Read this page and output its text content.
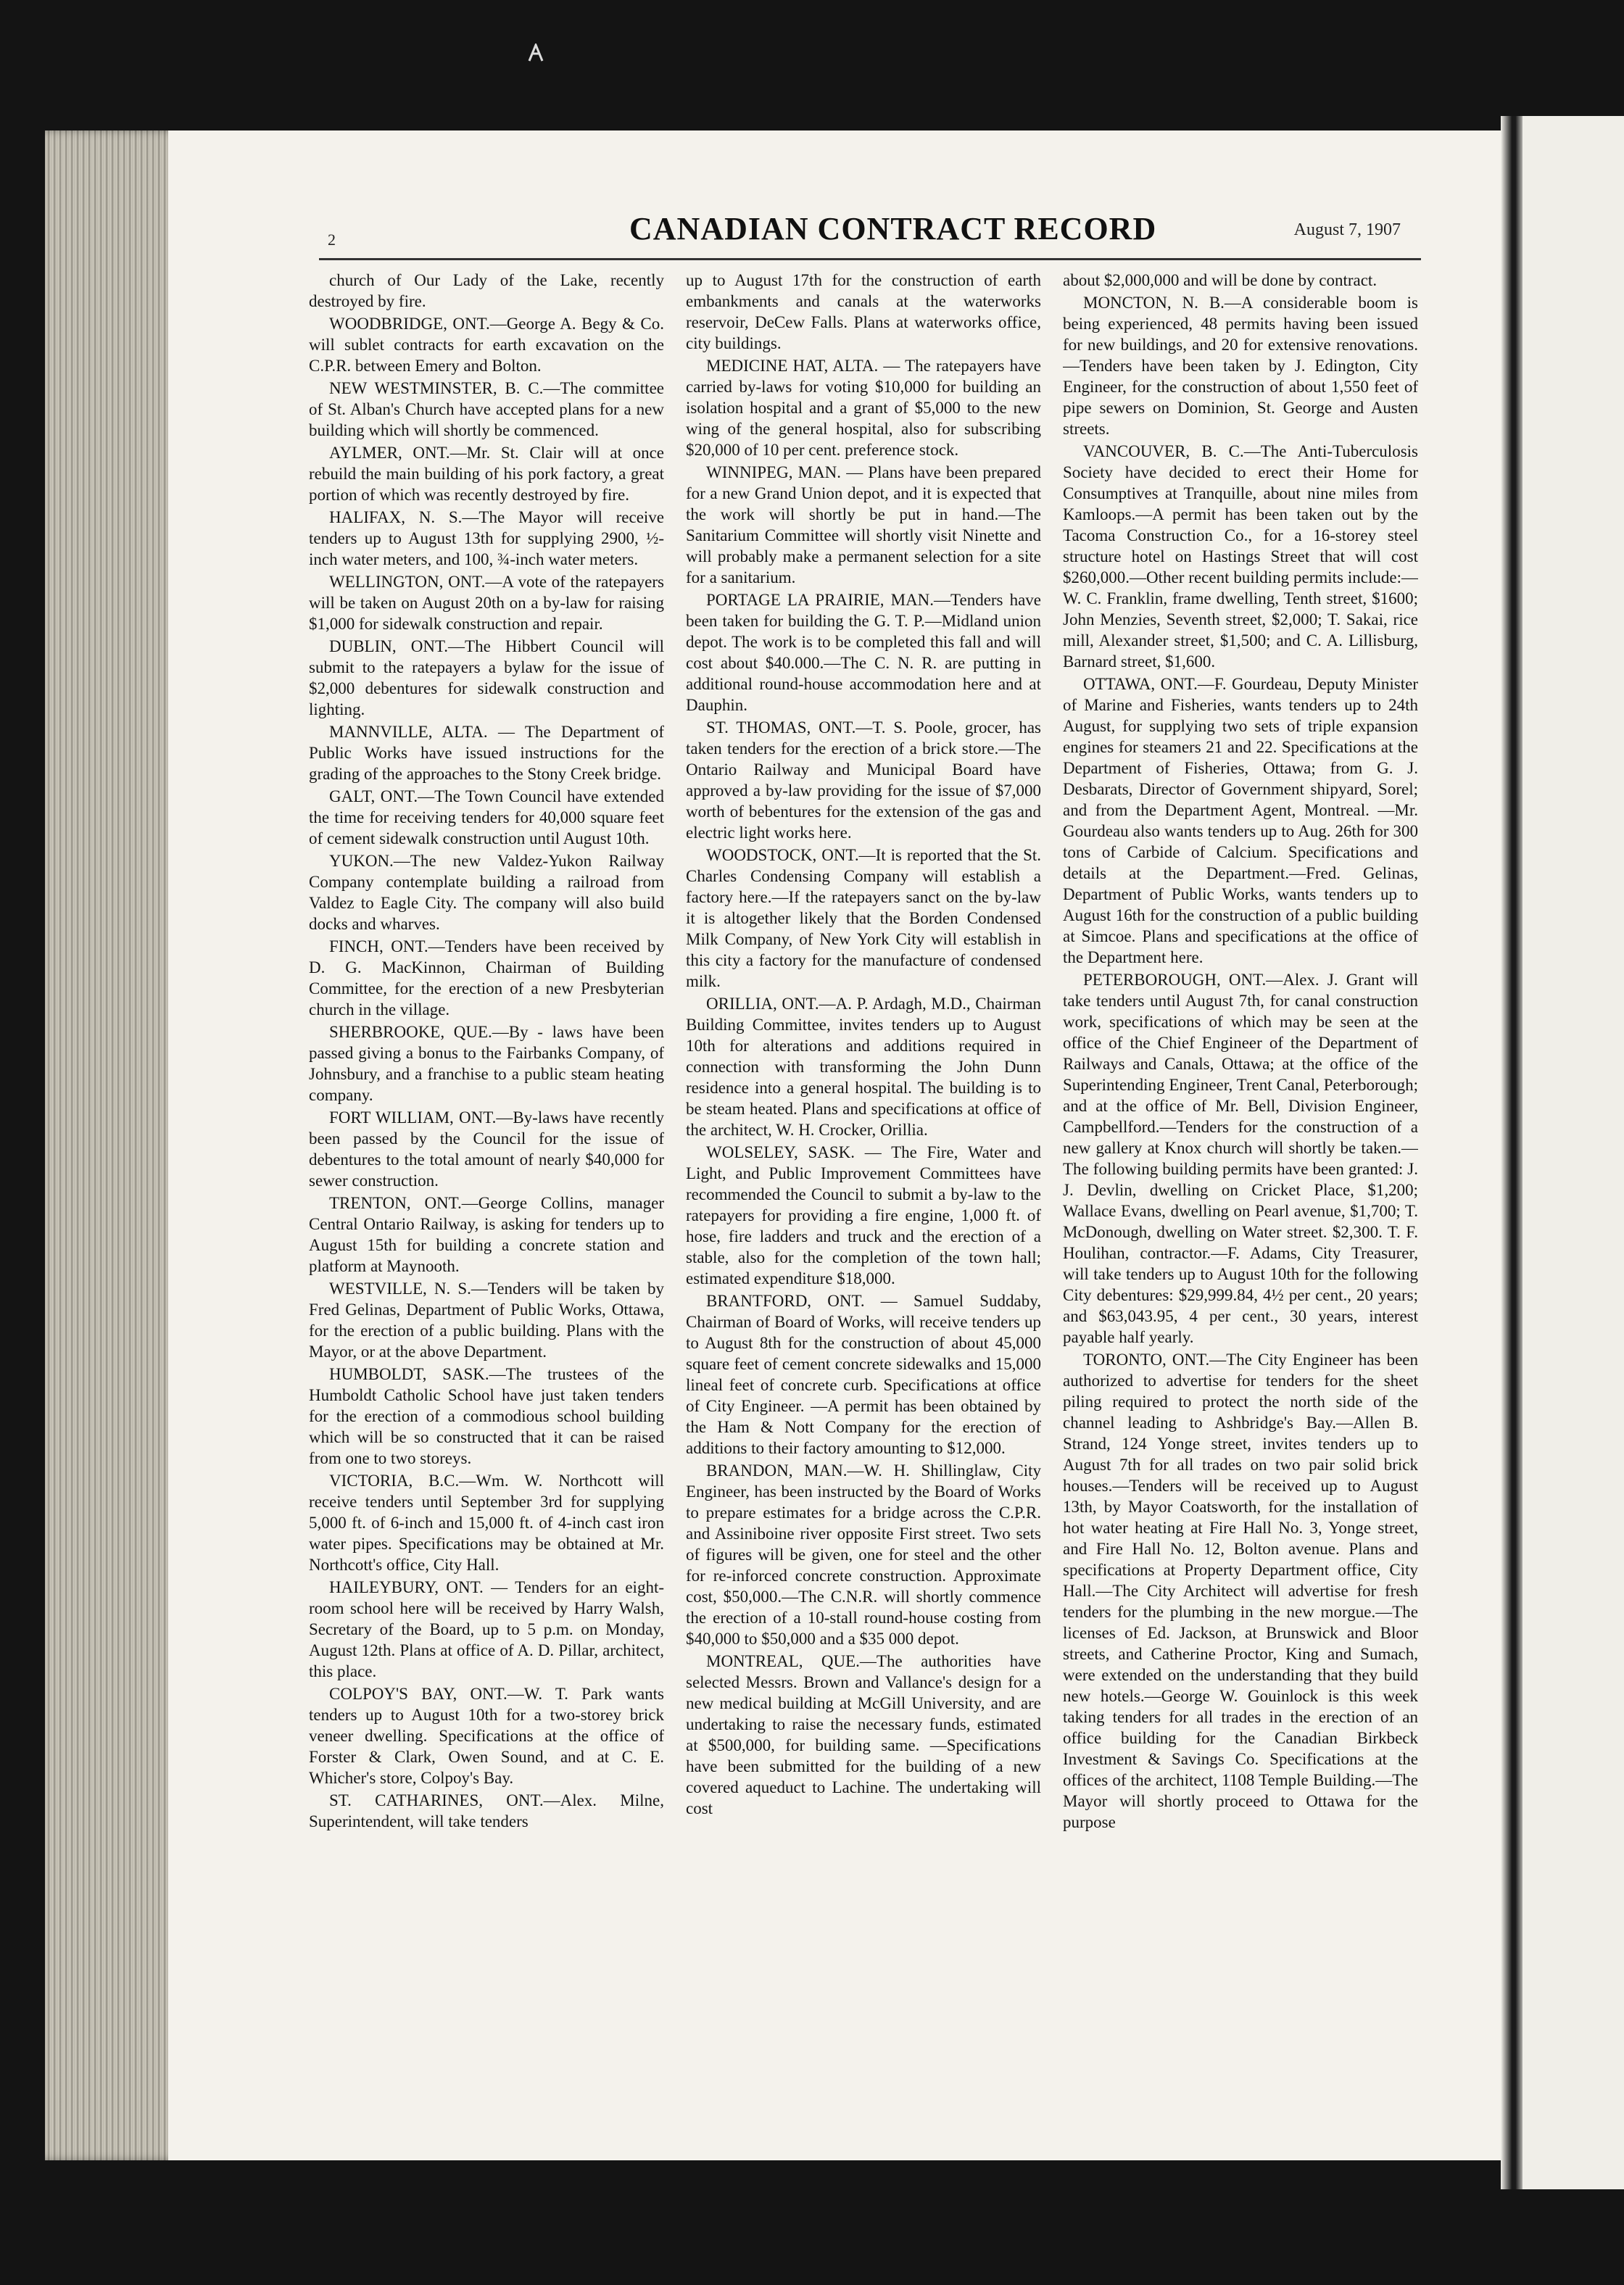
2	CANADIAN CONTRACT RECORD	August 7, 1907

church of Our Lady of the Lake, recently destroyed by fire.

WOODBRIDGE, ONT.—George A. Begy & Co. will sublet contracts for earth excavation on the C.P.R. between Emery and Bolton.

NEW WESTMINSTER, B. C.—The committee of St. Alban's Church have accepted plans for a new building which will shortly be commenced.

AYLMER, ONT.—Mr. St. Clair will at once rebuild the main building of his pork factory, a great portion of which was recently destroyed by fire.

HALIFAX, N. S.—The Mayor will receive tenders up to August 13th for supplying 2900, ½-inch water meters, and 100, ¾-inch water meters.

WELLINGTON, ONT.—A vote of the ratepayers will be taken on August 20th on a by-law for raising $1,000 for sidewalk construction and repair.

DUBLIN, ONT.—The Hibbert Council will submit to the ratepayers a bylaw for the issue of $2,000 debentures for sidewalk construction and lighting.

MANNVILLE, ALTA. — The Department of Public Works have issued instructions for the grading of the approaches to the Stony Creek bridge.

GALT, ONT.—The Town Council have extended the time for receiving tenders for 40,000 square feet of cement sidewalk construction until August 10th.

YUKON.—The new Valdez-Yukon Railway Company contemplate building a railroad from Valdez to Eagle City. The company will also build docks and wharves.

FINCH, ONT.—Tenders have been received by D. G. MacKinnon, Chairman of Building Committee, for the erection of a new Presbyterian church in the village.

SHERBROOKE, QUE.—By - laws have been passed giving a bonus to the Fairbanks Company, of Johnsbury, and a franchise to a public steam heating company.

FORT WILLIAM, ONT.—By-laws have recently been passed by the Council for the issue of debentures to the total amount of nearly $40,000 for sewer construction.

TRENTON, ONT.—George Collins, manager Central Ontario Railway, is asking for tenders up to August 15th for building a concrete station and platform at Maynooth.

WESTVILLE, N. S.—Tenders will be taken by Fred Gelinas, Department of Public Works, Ottawa, for the erection of a public building. Plans with the Mayor, or at the above Department.

HUMBOLDT, SASK.—The trustees of the Humboldt Catholic School have just taken tenders for the erection of a commodious school building which will be so constructed that it can be raised from one to two storeys.

VICTORIA, B.C.—Wm. W. Northcott will receive tenders until September 3rd for supplying 5,000 ft. of 6-inch and 15,000 ft. of 4-inch cast iron water pipes. Specifications may be obtained at Mr. Northcott's office, City Hall.

HAILEYBURY, ONT. — Tenders for an eight-room school here will be received by Harry Walsh, Secretary of the Board, up to 5 p.m. on Monday, August 12th. Plans at office of A. D. Pillar, architect, this place.

COLPOY'S BAY, ONT.—W. T. Park wants tenders up to August 10th for a two-storey brick veneer dwelling. Specifications at the office of Forster & Clark, Owen Sound, and at C. E. Whicher's store, Colpoy's Bay.

ST. CATHARINES, ONT.—Alex. Milne, Superintendent, will take tenders

up to August 17th for the construction of earth embankments and canals at the waterworks reservoir, DeCew Falls. Plans at waterworks office, city buildings.

MEDICINE HAT, ALTA. — The ratepayers have carried by-laws for voting $10,000 for building an isolation hospital and a grant of $5,000 to the new wing of the general hospital, also for subscribing $20,000 of 10 per cent. preference stock.

WINNIPEG, MAN. — Plans have been prepared for a new Grand Union depot, and it is expected that the work will shortly be put in hand.—The Sanitarium Committee will shortly visit Ninette and will probably make a permanent selection for a site for a sanitarium.

PORTAGE LA PRAIRIE, MAN.—Tenders have been taken for building the G. T. P.—Midland union depot. The work is to be completed this fall and will cost about $40.000.—The C. N. R. are putting in additional round-house accommodation here and at Dauphin.

ST. THOMAS, ONT.—T. S. Poole, grocer, has taken tenders for the erection of a brick store.—The Ontario Railway and Municipal Board have approved a by-law providing for the issue of $7,000 worth of bebentures for the extension of the gas and electric light works here.

WOODSTOCK, ONT.—It is reported that the St. Charles Condensing Company will establish a factory here.—If the ratepayers sanct on the by-law it is altogether likely that the Borden Condensed Milk Company, of New York City will establish in this city a factory for the manufacture of condensed milk.

ORILLIA, ONT.—A. P. Ardagh, M.D., Chairman Building Committee, invites tenders up to August 10th for alterations and additions required in connection with transforming the John Dunn residence into a general hospital. The building is to be steam heated. Plans and specifications at office of the architect, W. H. Crocker, Orillia.

WOLSELEY, SASK. — The Fire, Water and Light, and Public Improvement Committees have recommended the Council to submit a by-law to the ratepayers for providing a fire engine, 1,000 ft. of hose, fire ladders and truck and the erection of a stable, also for the completion of the town hall; estimated expenditure $18,000.

BRANTFORD, ONT. — Samuel Suddaby, Chairman of Board of Works, will receive tenders up to August 8th for the construction of about 45,000 square feet of cement concrete sidewalks and 15,000 lineal feet of concrete curb. Specifications at office of City Engineer. —A permit has been obtained by the Ham & Nott Company for the erection of additions to their factory amounting to $12,000.

BRANDON, MAN.—W. H. Shillinglaw, City Engineer, has been instructed by the Board of Works to prepare estimates for a bridge across the C.P.R. and Assiniboine river opposite First street. Two sets of figures will be given, one for steel and the other for re-inforced concrete construction. Approximate cost, $50,000.—The C.N.R. will shortly commence the erection of a 10-stall round-house costing from $40,000 to $50,000 and a $35 000 depot.

MONTREAL, QUE.—The authorities have selected Messrs. Brown and Vallance's design for a new medical building at McGill University, and are undertaking to raise the necessary funds, estimated at $500,000, for building same. —Specifications have been submitted for the building of a new covered aqueduct to Lachine. The undertaking will cost

about $2,000,000 and will be done by contract.

MONCTON, N. B.—A considerable boom is being experienced, 48 permits having been issued for new buildings, and 20 for extensive renovations.—Tenders have been taken by J. Edington, City Engineer, for the construction of about 1,550 feet of pipe sewers on Dominion, St. George and Austen streets.

VANCOUVER, B. C.—The Anti-Tuberculosis Society have decided to erect their Home for Consumptives at Tranquille, about nine miles from Kamloops.—A permit has been taken out by the Tacoma Construction Co., for a 16-storey steel structure hotel on Hastings Street that will cost $260,000.—Other recent building permits include:—W. C. Franklin, frame dwelling, Tenth street, $1600; John Menzies, Seventh street, $2,000; T. Sakai, rice mill, Alexander street, $1,500; and C. A. Lillisburg, Barnard street, $1,600.

OTTAWA, ONT.—F. Gourdeau, Deputy Minister of Marine and Fisheries, wants tenders up to 24th August, for supplying two sets of triple expansion engines for steamers 21 and 22. Specifications at the Department of Fisheries, Ottawa; from G. J. Desbarats, Director of Government shipyard, Sorel; and from the Department Agent, Montreal. —Mr. Gourdeau also wants tenders up to Aug. 26th for 300 tons of Carbide of Calcium. Specifications and details at the Department.—Fred. Gelinas, Department of Public Works, wants tenders up to August 16th for the construction of a public building at Simcoe. Plans and specifications at the office of the Department here.

PETERBOROUGH, ONT.—Alex. J. Grant will take tenders until August 7th, for canal construction work, specifications of which may be seen at the office of the Chief Engineer of the Department of Railways and Canals, Ottawa; at the office of the Superintending Engineer, Trent Canal, Peterborough; and at the office of Mr. Bell, Division Engineer, Campbellford.—Tenders for the construction of a new gallery at Knox church will shortly be taken.—The following building permits have been granted: J. J. Devlin, dwelling on Cricket Place, $1,200; Wallace Evans, dwelling on Pearl avenue, $1,700; T. McDonough, dwelling on Water street. $2,300. T. F. Houlihan, contractor.—F. Adams, City Treasurer, will take tenders up to August 10th for the following City debentures: $29,999.84, 4½ per cent., 20 years; and $63,043.95, 4 per cent., 30 years, interest payable half yearly.

TORONTO, ONT.—The City Engineer has been authorized to advertise for tenders for the sheet piling required to protect the north side of the channel leading to Ashbridge's Bay.—Allen B. Strand, 124 Yonge street, invites tenders up to August 7th for all trades on two pair solid brick houses.—Tenders will be received up to August 13th, by Mayor Coatsworth, for the installation of hot water heating at Fire Hall No. 3, Yonge street, and Fire Hall No. 12, Bolton avenue. Plans and specifications at Property Department office, City Hall.—The City Architect will advertise for fresh tenders for the plumbing in the new morgue.—The licenses of Ed. Jackson, at Brunswick and Bloor streets, and Catherine Proctor, King and Sumach, were extended on the understanding that they build new hotels.—George W. Gouinlock is this week taking tenders for all trades in the erection of an office building for the Canadian Birkbeck Investment & Savings Co. Specifications at the offices of the architect, 1108 Temple Building.—The Mayor will shortly proceed to Ottawa for the purpose
